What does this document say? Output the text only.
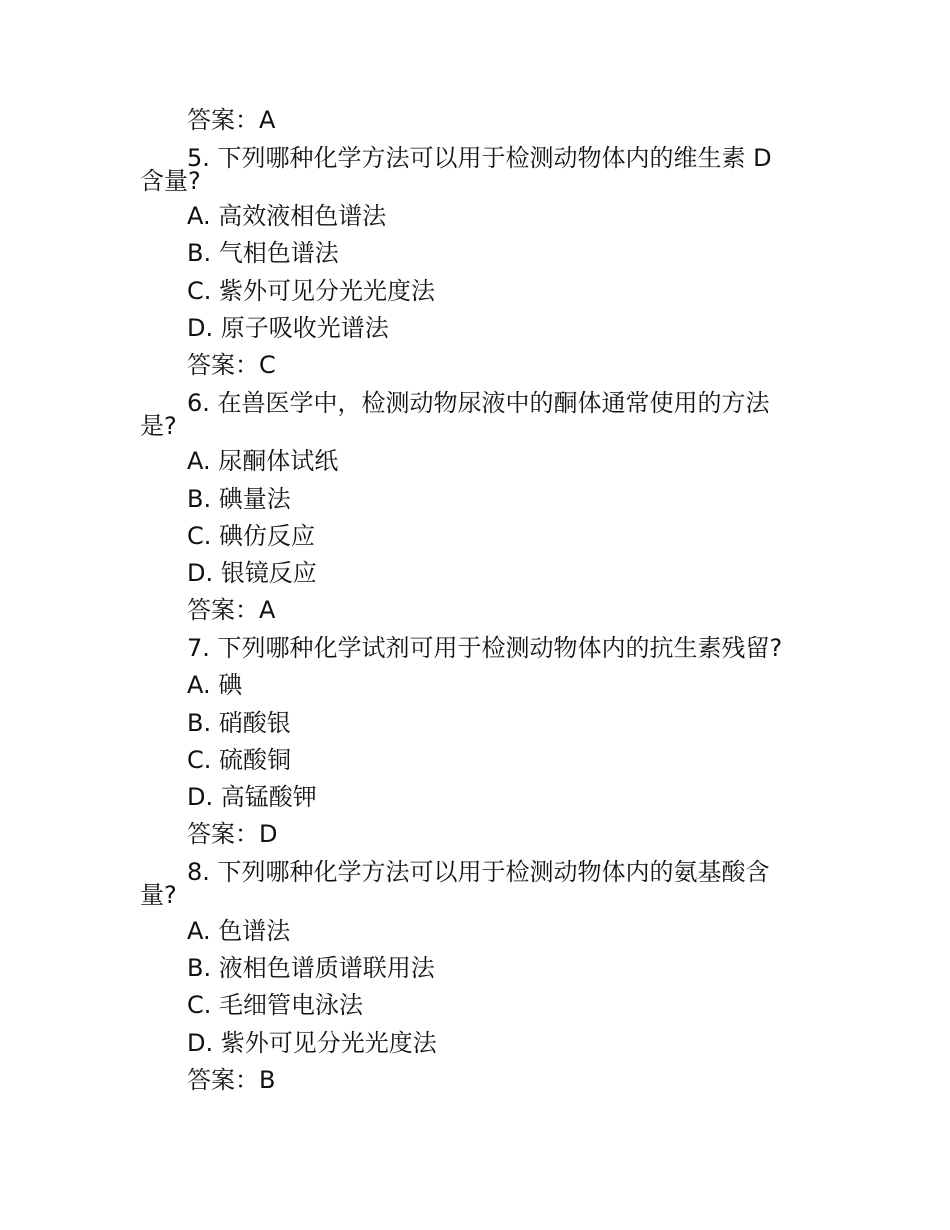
答案：A
5. 下列哪种化学方法可以用于检测动物体内的维生素 D
含量?
A. 高效液相色谱法
B. 气相色谱法
C. 紫外可见分光光度法
D. 原子吸收光谱法
答案：C
6. 在兽医学中，检测动物尿液中的酮体通常使用的方法
是?
A. 尿酮体试纸
B. 碘量法
C. 碘仿反应
D. 银镜反应
答案：A
7. 下列哪种化学试剂可用于检测动物体内的抗生素残留?
A. 碘
B. 硝酸银
C. 硫酸铜
D. 高锰酸钾
答案：D
8. 下列哪种化学方法可以用于检测动物体内的氨基酸含
量?
A. 色谱法
B. 液相色谱质谱联用法
C. 毛细管电泳法
D. 紫外可见分光光度法
答案：B
